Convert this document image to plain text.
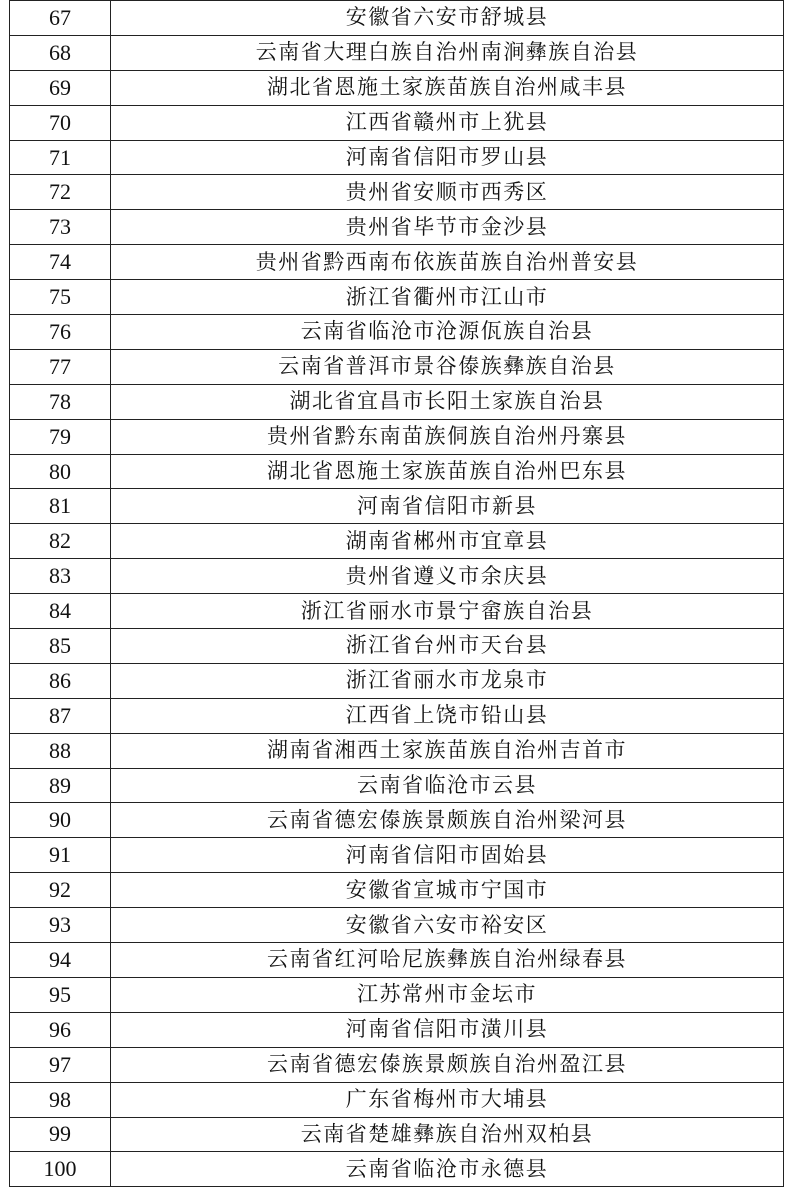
67	安徽省六安市舒城县
68	云南省大理白族自治州南涧彝族自治县
69	湖北省恩施土家族苗族自治州咸丰县
70	江西省赣州市上犹县
71	河南省信阳市罗山县
72	贵州省安顺市西秀区
73	贵州省毕节市金沙县
74	贵州省黔西南布依族苗族自治州普安县
75	浙江省衢州市江山市
76	云南省临沧市沧源佤族自治县
77	云南省普洱市景谷傣族彝族自治县
78	湖北省宜昌市长阳土家族自治县
79	贵州省黔东南苗族侗族自治州丹寨县
80	湖北省恩施土家族苗族自治州巴东县
81	河南省信阳市新县
82	湖南省郴州市宜章县
83	贵州省遵义市余庆县
84	浙江省丽水市景宁畲族自治县
85	浙江省台州市天台县
86	浙江省丽水市龙泉市
87	江西省上饶市铅山县
88	湖南省湘西土家族苗族自治州吉首市
89	云南省临沧市云县
90	云南省德宏傣族景颇族自治州梁河县
91	河南省信阳市固始县
92	安徽省宣城市宁国市
93	安徽省六安市裕安区
94	云南省红河哈尼族彝族自治州绿春县
95	江苏常州市金坛市
96	河南省信阳市潢川县
97	云南省德宏傣族景颇族自治州盈江县
98	广东省梅州市大埔县
99	云南省楚雄彝族自治州双柏县
100	云南省临沧市永德县
